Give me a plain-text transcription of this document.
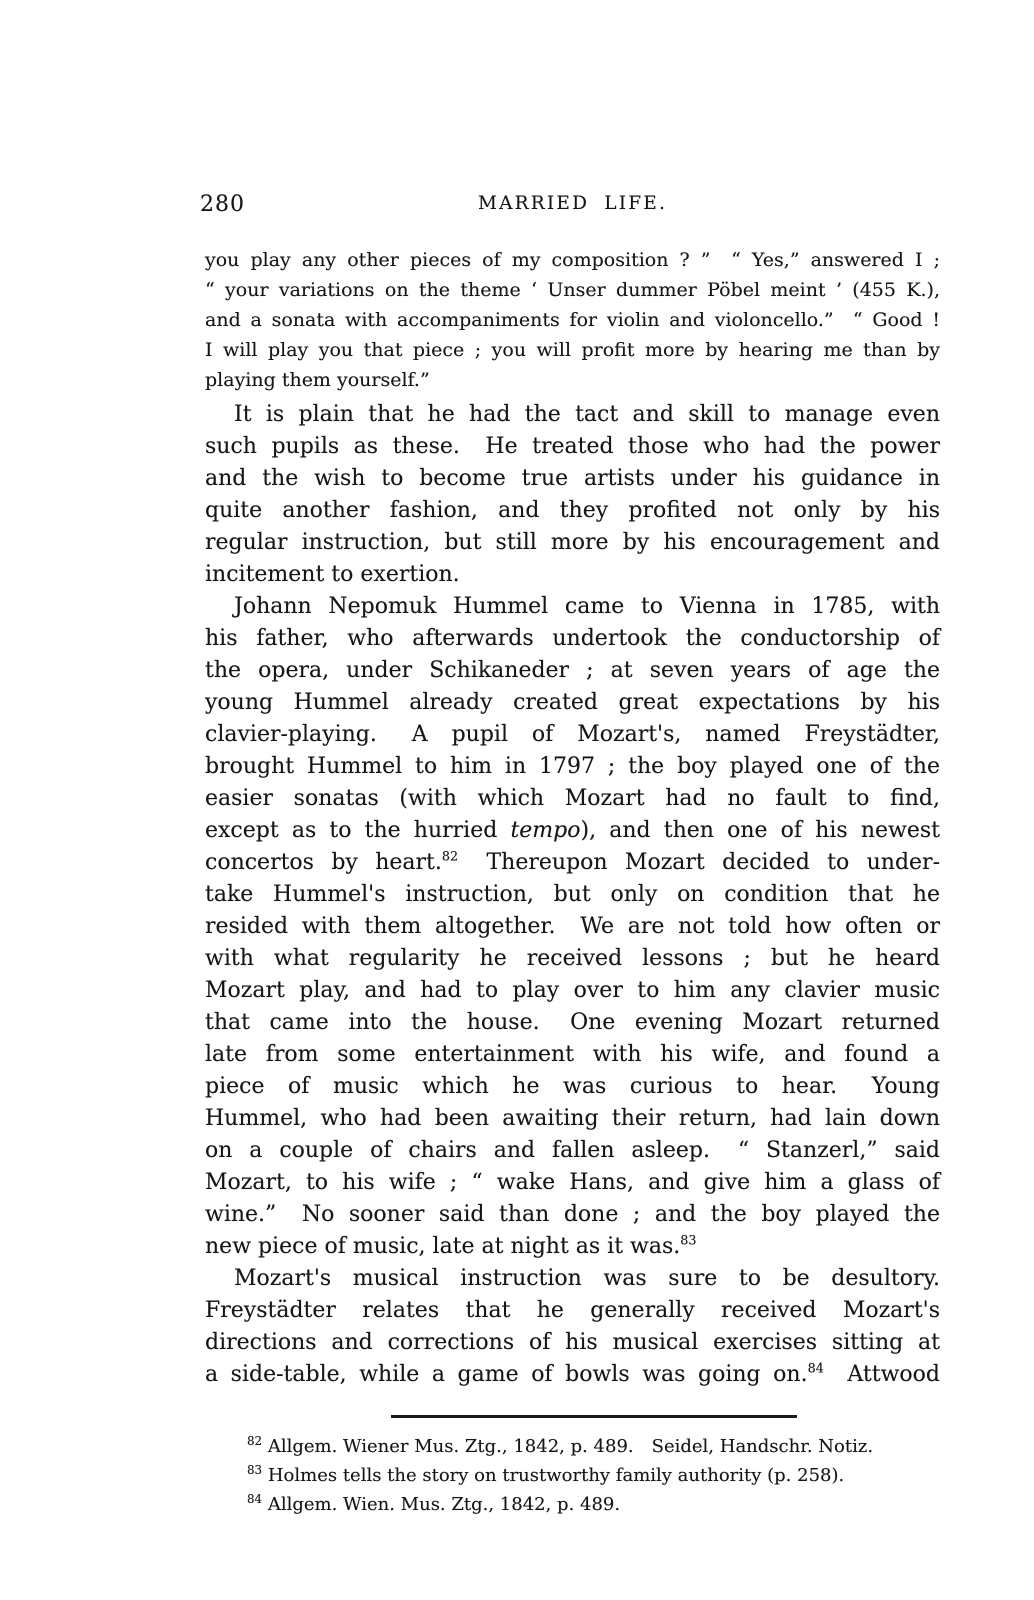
280	MARRIED LIFE.
you play any other pieces of my composition ? ”  “ Yes,” answered I ;
“ your variations on the theme ‘ Unser dummer Pöbel meint ’ (455 K.),
and a sonata with accompaniments for violin and violoncello.”  “ Good !
I will play you that piece ; you will profit more by hearing me than by
playing them yourself.”
It is plain that he had the tact and skill to manage even
such pupils as these.  He treated those who had the power
and the wish to become true artists under his guidance in
quite another fashion, and they profited not only by his
regular instruction, but still more by his encouragement and
incitement to exertion.
Johann Nepomuk Hummel came to Vienna in 1785, with
his father, who afterwards undertook the conductorship of
the opera, under Schikaneder ; at seven years of age the
young Hummel already created great expectations by his
clavier-playing.  A pupil of Mozart's, named Freystädter,
brought Hummel to him in 1797 ; the boy played one of the
easier sonatas (with which Mozart had no fault to find,
except as to the hurried tempo), and then one of his newest
concertos by heart.$^{82}$  Thereupon Mozart decided to under-
take Hummel's instruction, but only on condition that he
resided with them altogether.  We are not told how often or
with what regularity he received lessons ; but he heard
Mozart play, and had to play over to him any clavier music
that came into the house.  One evening Mozart returned
late from some entertainment with his wife, and found a
piece of music which he was curious to hear.  Young
Hummel, who had been awaiting their return, had lain down
on a couple of chairs and fallen asleep.  “ Stanzerl,” said
Mozart, to his wife ; “ wake Hans, and give him a glass of
wine.”  No sooner said than done ; and the boy played the
new piece of music, late at night as it was.$^{83}$
Mozart's musical instruction was sure to be desultory.
Freystädter relates that he generally received Mozart's
directions and corrections of his musical exercises sitting at
a side-table, while a game of bowls was going on.$^{84}$  Attwood
$^{82}$ Allgem. Wiener Mus. Ztg., 1842, p. 489.  Seidel, Handschr. Notiz.
$^{83}$ Holmes tells the story on trustworthy family authority (p. 258).
$^{84}$ Allgem. Wien. Mus. Ztg., 1842, p. 489.
